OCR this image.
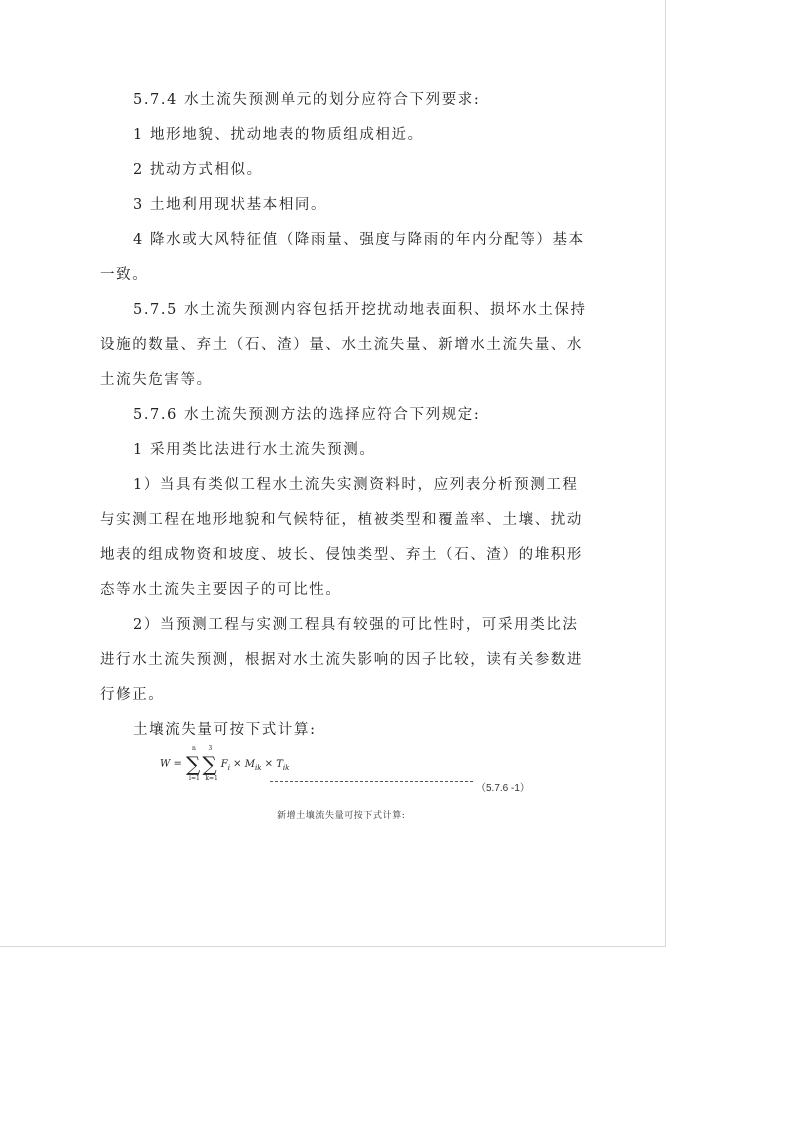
5.7.4 水土流失预测单元的划分应符合下列要求:
1 地形地貌、扰动地表的物质组成相近。
2 扰动方式相似。
3 土地利用现状基本相同。
4 降水或大风特征值（降雨量、强度与降雨的年内分配等）基本
一致。
5.7.5 水土流失预测内容包括开挖扰动地表面积、损坏水土保持
设施的数量、弃土（石、渣）量、水土流失量、新增水土流失量、水
土流失危害等。
5.7.6 水土流失预测方法的选择应符合下列规定:
1 采用类比法进行水土流失预测。
1）当具有类似工程水土流失实测资料时，应列表分析预测工程
与实测工程在地形地貌和气候特征，植被类型和覆盖率、土壤、扰动
地表的组成物资和坡度、坡长、侵蚀类型、弃土（石、渣）的堆积形
态等水土流失主要因子的可比性。
2）当预测工程与实测工程具有较强的可比性时，可采用类比法
进行水土流失预测，根据对水土流失影响的因子比较，读有关参数进
行修正。
土壤流失量可按下式计算:
W = ∑
n
i=1
∑
3
k=1
$F_i \times M_{ik} \times T_{ik}$
（5.7.6 -1）
新增土壤流失量可按下式计算:
